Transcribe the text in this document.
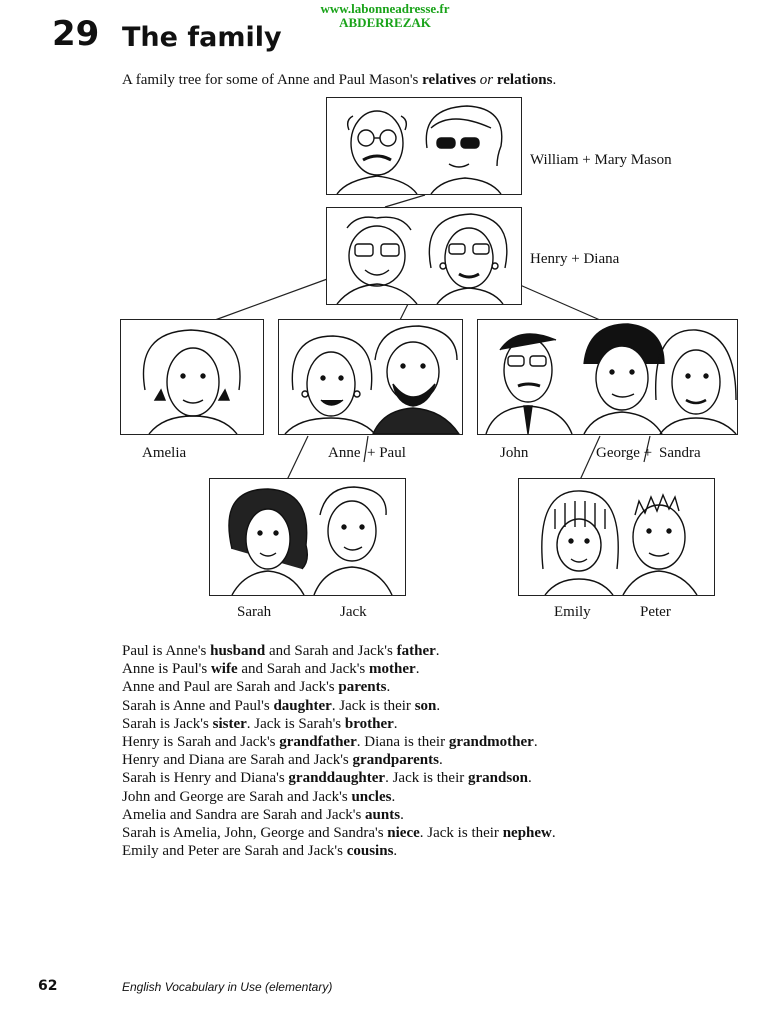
www.labonneadresse.fr
ABDERREZAK
29 The family
A family tree for some of Anne and Paul Mason's relatives or relations.
William + Mary Mason
Henry + Diana
Amelia	Anne + Paul	John	George + Sandra
Sarah	Jack	Emily	Peter
Paul is Anne's husband and Sarah and Jack's father.
Anne is Paul's wife and Sarah and Jack's mother.
Anne and Paul are Sarah and Jack's parents.
Sarah is Anne and Paul's daughter. Jack is their son.
Sarah is Jack's sister. Jack is Sarah's brother.
Henry is Sarah and Jack's grandfather. Diana is their grandmother.
Henry and Diana are Sarah and Jack's grandparents.
Sarah is Henry and Diana's granddaughter. Jack is their grandson.
John and George are Sarah and Jack's uncles.
Amelia and Sandra are Sarah and Jack's aunts.
Sarah is Amelia, John, George and Sandra's niece. Jack is their nephew.
Emily and Peter are Sarah and Jack's cousins.
62	English Vocabulary in Use (elementary)
